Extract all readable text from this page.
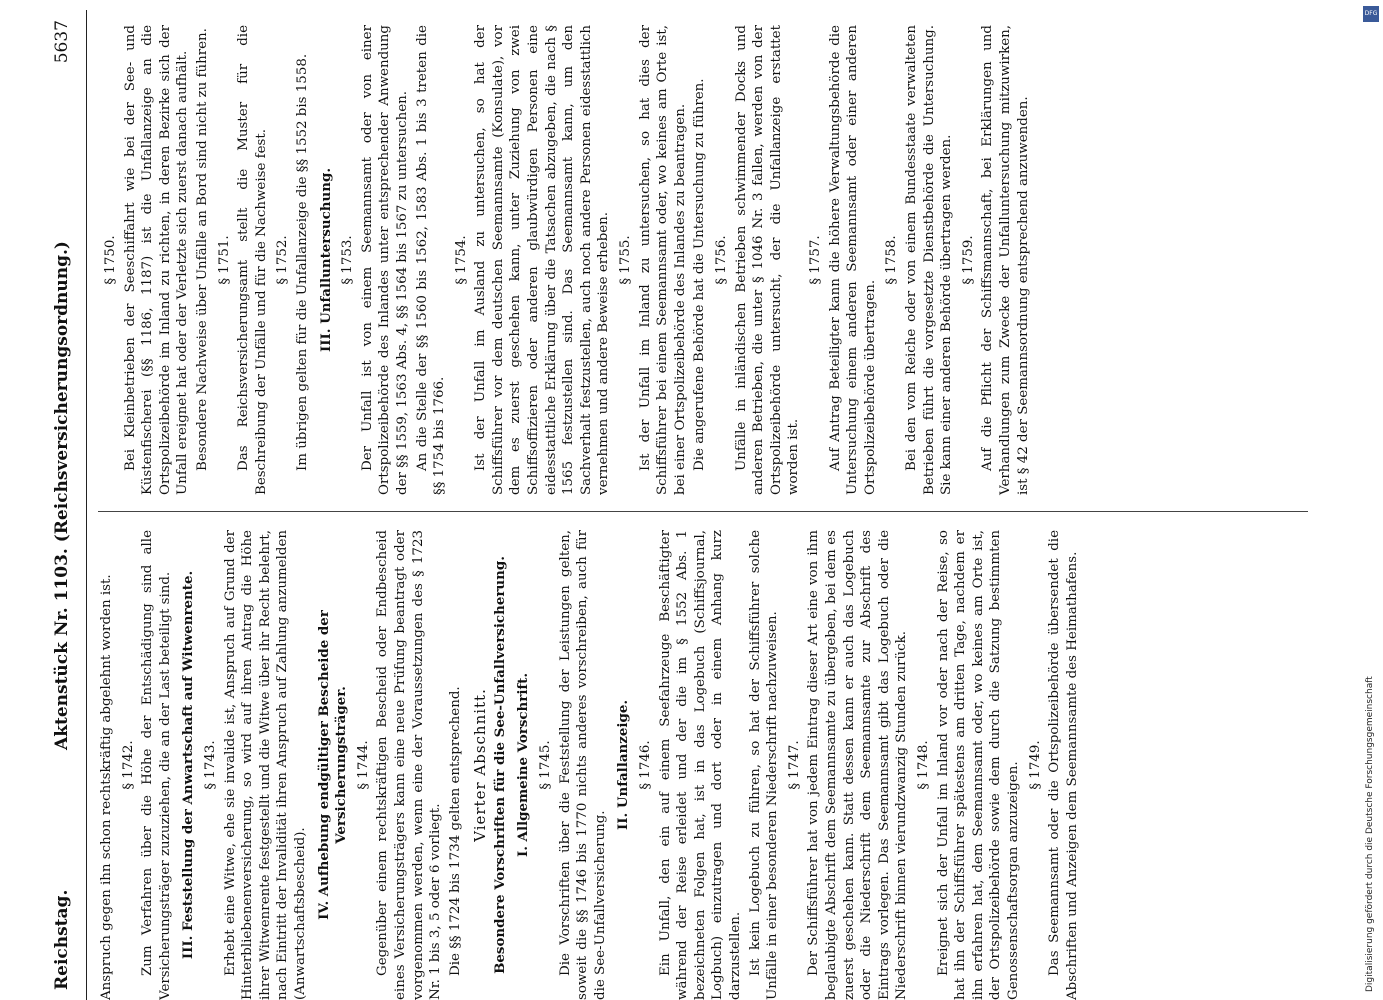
Reichstag.
Aktenstück Nr. 1103. (Reichsversicherungsordnung.)
5637

Anspruch gegen ihn schon rechtskräftig abgelehnt worden ist. § 1742. Zum Verfahren über die Höhe der Entschädigung sind alle Versicherungsträger zuzuziehen, die an der Last beteiligt sind. III. Feststellung der Anwartschaft auf Witwenrente. § 1743. Erhebt eine Witwe, ehe sie invalide ist, Anspruch auf Grund der Hinterbliebenenversicherung, so wird auf ihren Antrag die Höhe ihrer Witwenrente festgestellt und die Witwe über ihr Recht belehrt, nach Eintritt der Invalidität ihren Anspruch auf Zahlung anzumelden (Anwartschaftsbescheid). IV. Aufhebung endgültiger Bescheide der Versicherungsträger. § 1744. Gegenüber einem rechtskräftigen Bescheid oder Endbescheid eines Versicherungsträgers kann eine neue Prüfung beantragt oder vorgenommen werden, wenn eine der Voraussetzungen des § 1723 Nr. 1 bis 3, 5 oder 6 vorliegt. Die §§ 1724 bis 1734 gelten entsprechend. Vierter Abschnitt. Besondere Vorschriften für die See-Unfallversicherung. I. Allgemeine Vorschrift. § 1745. Die Vorschriften über die Feststellung der Leistungen gelten, soweit die §§ 1746 bis 1770 nichts anderes vorschreiben, auch für die See-Unfallversicherung.

II. Unfallanzeige. § 1746. Ein Unfall, den ein auf einem Seefahrzeuge Beschäftigter während der Reise erleidet und der die im § 1552 Abs. 1 bezeichneten Folgen hat, ist in das Logebuch (Schiffsjournal, Logbuch) einzutragen und dort oder in einem Anhang kurz darzustellen. Ist kein Logebuch zu führen, so hat der Schiffsführer solche Unfälle in einer besonderen Niederschrift nachzuweisen. § 1747. Der Schiffsführer hat von jedem Eintrag dieser Art eine von ihm beglaubigte Abschrift dem Seemannsamte zu übergeben, bei dem es zuerst geschehen kann. Statt dessen kann er auch das Logebuch oder die Niederschrift dem Seemannsamte zur Abschrift des Eintrags vorlegen. Das Seemannsamt gibt das Logebuch oder die Niederschrift binnen vierundzwanzig Stunden zurück. § 1748. Ereignet sich der Unfall im Inland vor oder nach der Reise, so hat ihn der Schiffsführer spätestens am dritten Tage, nachdem er ihn erfahren hat, dem Seemannsamt oder, wo keines am Orte ist, der Ortspolizeibehörde sowie dem durch die Satzung bestimmten Genossenschaftsorgan anzuzeigen. § 1749. Das Seemannsamt oder die Ortspolizeibehörde übersendet die Abschriften und Anzeigen dem Seemannsamte des Heimathafens.

§ 1750. Bei Kleinbetrieben der Seeschiffahrt wie bei der See- und Küstenfischerei (§§ 1186, 1187) ist die Unfallanzeige an die Ortspolizeibehörde im Inland zu richten, in deren Bezirke sich der Unfall ereignet hat oder der Verletzte sich zuerst danach aufhält. Besondere Nachweise über Unfälle an Bord sind nicht zu führen. § 1751. Das Reichsversicherungsamt stellt die Muster für die Beschreibung der Unfälle und für die Nachweise fest. § 1752. Im übrigen gelten für die Unfallanzeige die §§ 1552 bis 1558. III. Unfalluntersuchung. § 1753. Der Unfall ist von einem Seemannsamt oder von einer Ortspolizeibehörde des Inlandes unter entsprechender Anwendung der §§ 1559, 1563 Abs. 4, §§ 1564 bis 1567 zu untersuchen. An die Stelle der §§ 1560 bis 1562, 1583 Abs. 1 bis 3 treten die §§ 1754 bis 1766.

§ 1754. Ist der Unfall im Ausland zu untersuchen, so hat der Schiffsführer vor dem deutschen Seemannsamte (Konsulate), vor dem es zuerst geschehen kann, unter Zuziehung von zwei Schiffsoffizieren oder anderen glaubwürdigen Personen eine eidesstattliche Erklärung über die Tatsachen abzugeben, die nach § 1565 festzustellen sind. Das Seemannsamt kann, um den Sachverhalt festzustellen, auch noch andere Personen eidesstattlich vernehmen und andere Beweise erheben. § 1755. Ist der Unfall im Inland zu untersuchen, so hat dies der Schiffsführer bei einem Seemannsamt oder, wo keines am Orte ist, bei einer Ortspolizeibehörde des Inlandes zu beantragen. Die angerufene Behörde hat die Untersuchung zu führen. § 1756. Unfälle in inländischen Betrieben schwimmender Docks und anderen Betrieben, die unter § 1046 Nr. 3 fallen, werden von der Ortspolizeibehörde untersucht, der die Unfallanzeige erstattet worden ist.

§ 1757. Auf Antrag Beteiligter kann die höhere Verwaltungsbehörde die Untersuchung einem anderen Seemannsamt oder einer anderen Ortspolizeibehörde übertragen.

§ 1758. Bei den vom Reiche oder von einem Bundesstaate verwalteten Betrieben führt die vorgesetzte Dienstbehörde die Untersuchung. Sie kann einer anderen Behörde übertragen werden. § 1759. Auf die Pflicht der Schiffsmannschaft, bei Erklärungen und Verhandlungen zum Zwecke der Unfalluntersuchung mitzuwirken, ist § 42 der Seemannsordnung entsprechend anzuwenden.

Digitalisierung gefördert durch die Deutsche Forschungsgemeinschaft
DFG
